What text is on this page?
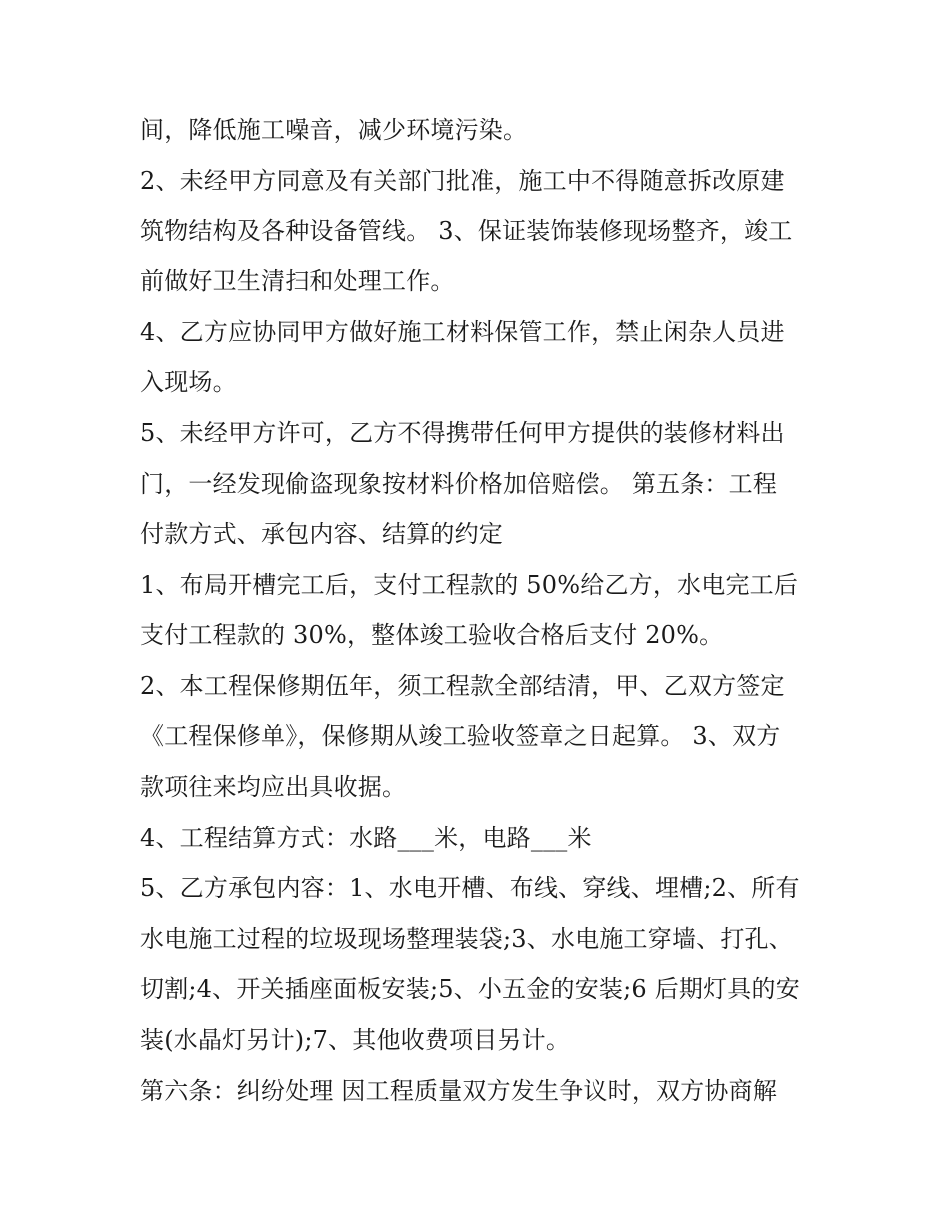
间，降低施工噪音，减少环境污染。
2、未经甲方同意及有关部门批准，施工中不得随意拆改原建
筑物结构及各种设备管线。 3、保证装饰装修现场整齐，竣工
前做好卫生清扫和处理工作。
4、乙方应协同甲方做好施工材料保管工作，禁止闲杂人员进
入现场。
5、未经甲方许可，乙方不得携带任何甲方提供的装修材料出
门，一经发现偷盗现象按材料价格加倍赔偿。 第五条：工程
付款方式、承包内容、结算的约定
1、布局开槽完工后，支付工程款的 50%给乙方，水电完工后
支付工程款的 30%，整体竣工验收合格后支付 20%。
2、本工程保修期伍年，须工程款全部结清，甲、乙双方签定
《工程保修单》，保修期从竣工验收签章之日起算。 3、双方
款项往来均应出具收据。
4、工程结算方式：水路___米，电路___米
5、乙方承包内容：1、水电开槽、布线、穿线、埋槽;2、所有
水电施工过程的垃圾现场整理装袋;3、水电施工穿墙、打孔、
切割;4、开关插座面板安装;5、小五金的安装;6 后期灯具的安
装(水晶灯另计);7、其他收费项目另计。
第六条：纠纷处理 因工程质量双方发生争议时，双方协商解
